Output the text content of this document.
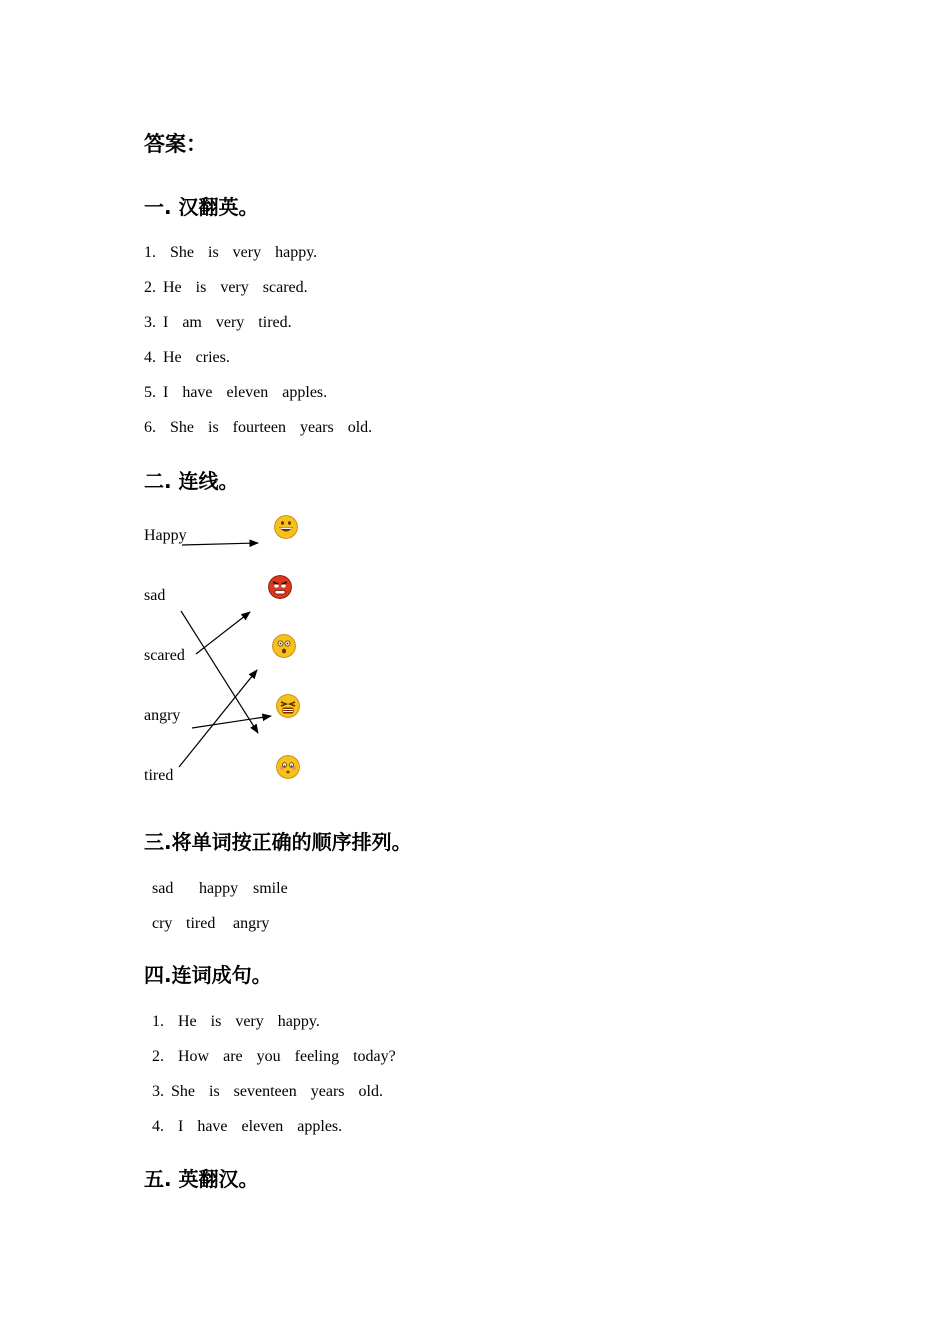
答案：
一. 汉翻英。
1.  She  is  very  happy.
2. He  is  very  scared.
3. I  am  very  tired.
4. He  cries.
5. I  have  eleven  apples.
6.  She  is  fourteen  years  old.
二. 连线。
Happy
sad
scared
angry
tired
三.将单词按正确的顺序排列。
sad happy smile
cry tired angry
四.连词成句。
1.  He  is  very  happy.
2.  How  are  you  feeling  today?
3. She  is  seventeen  years  old.
4.  I  have  eleven  apples.
五. 英翻汉。
